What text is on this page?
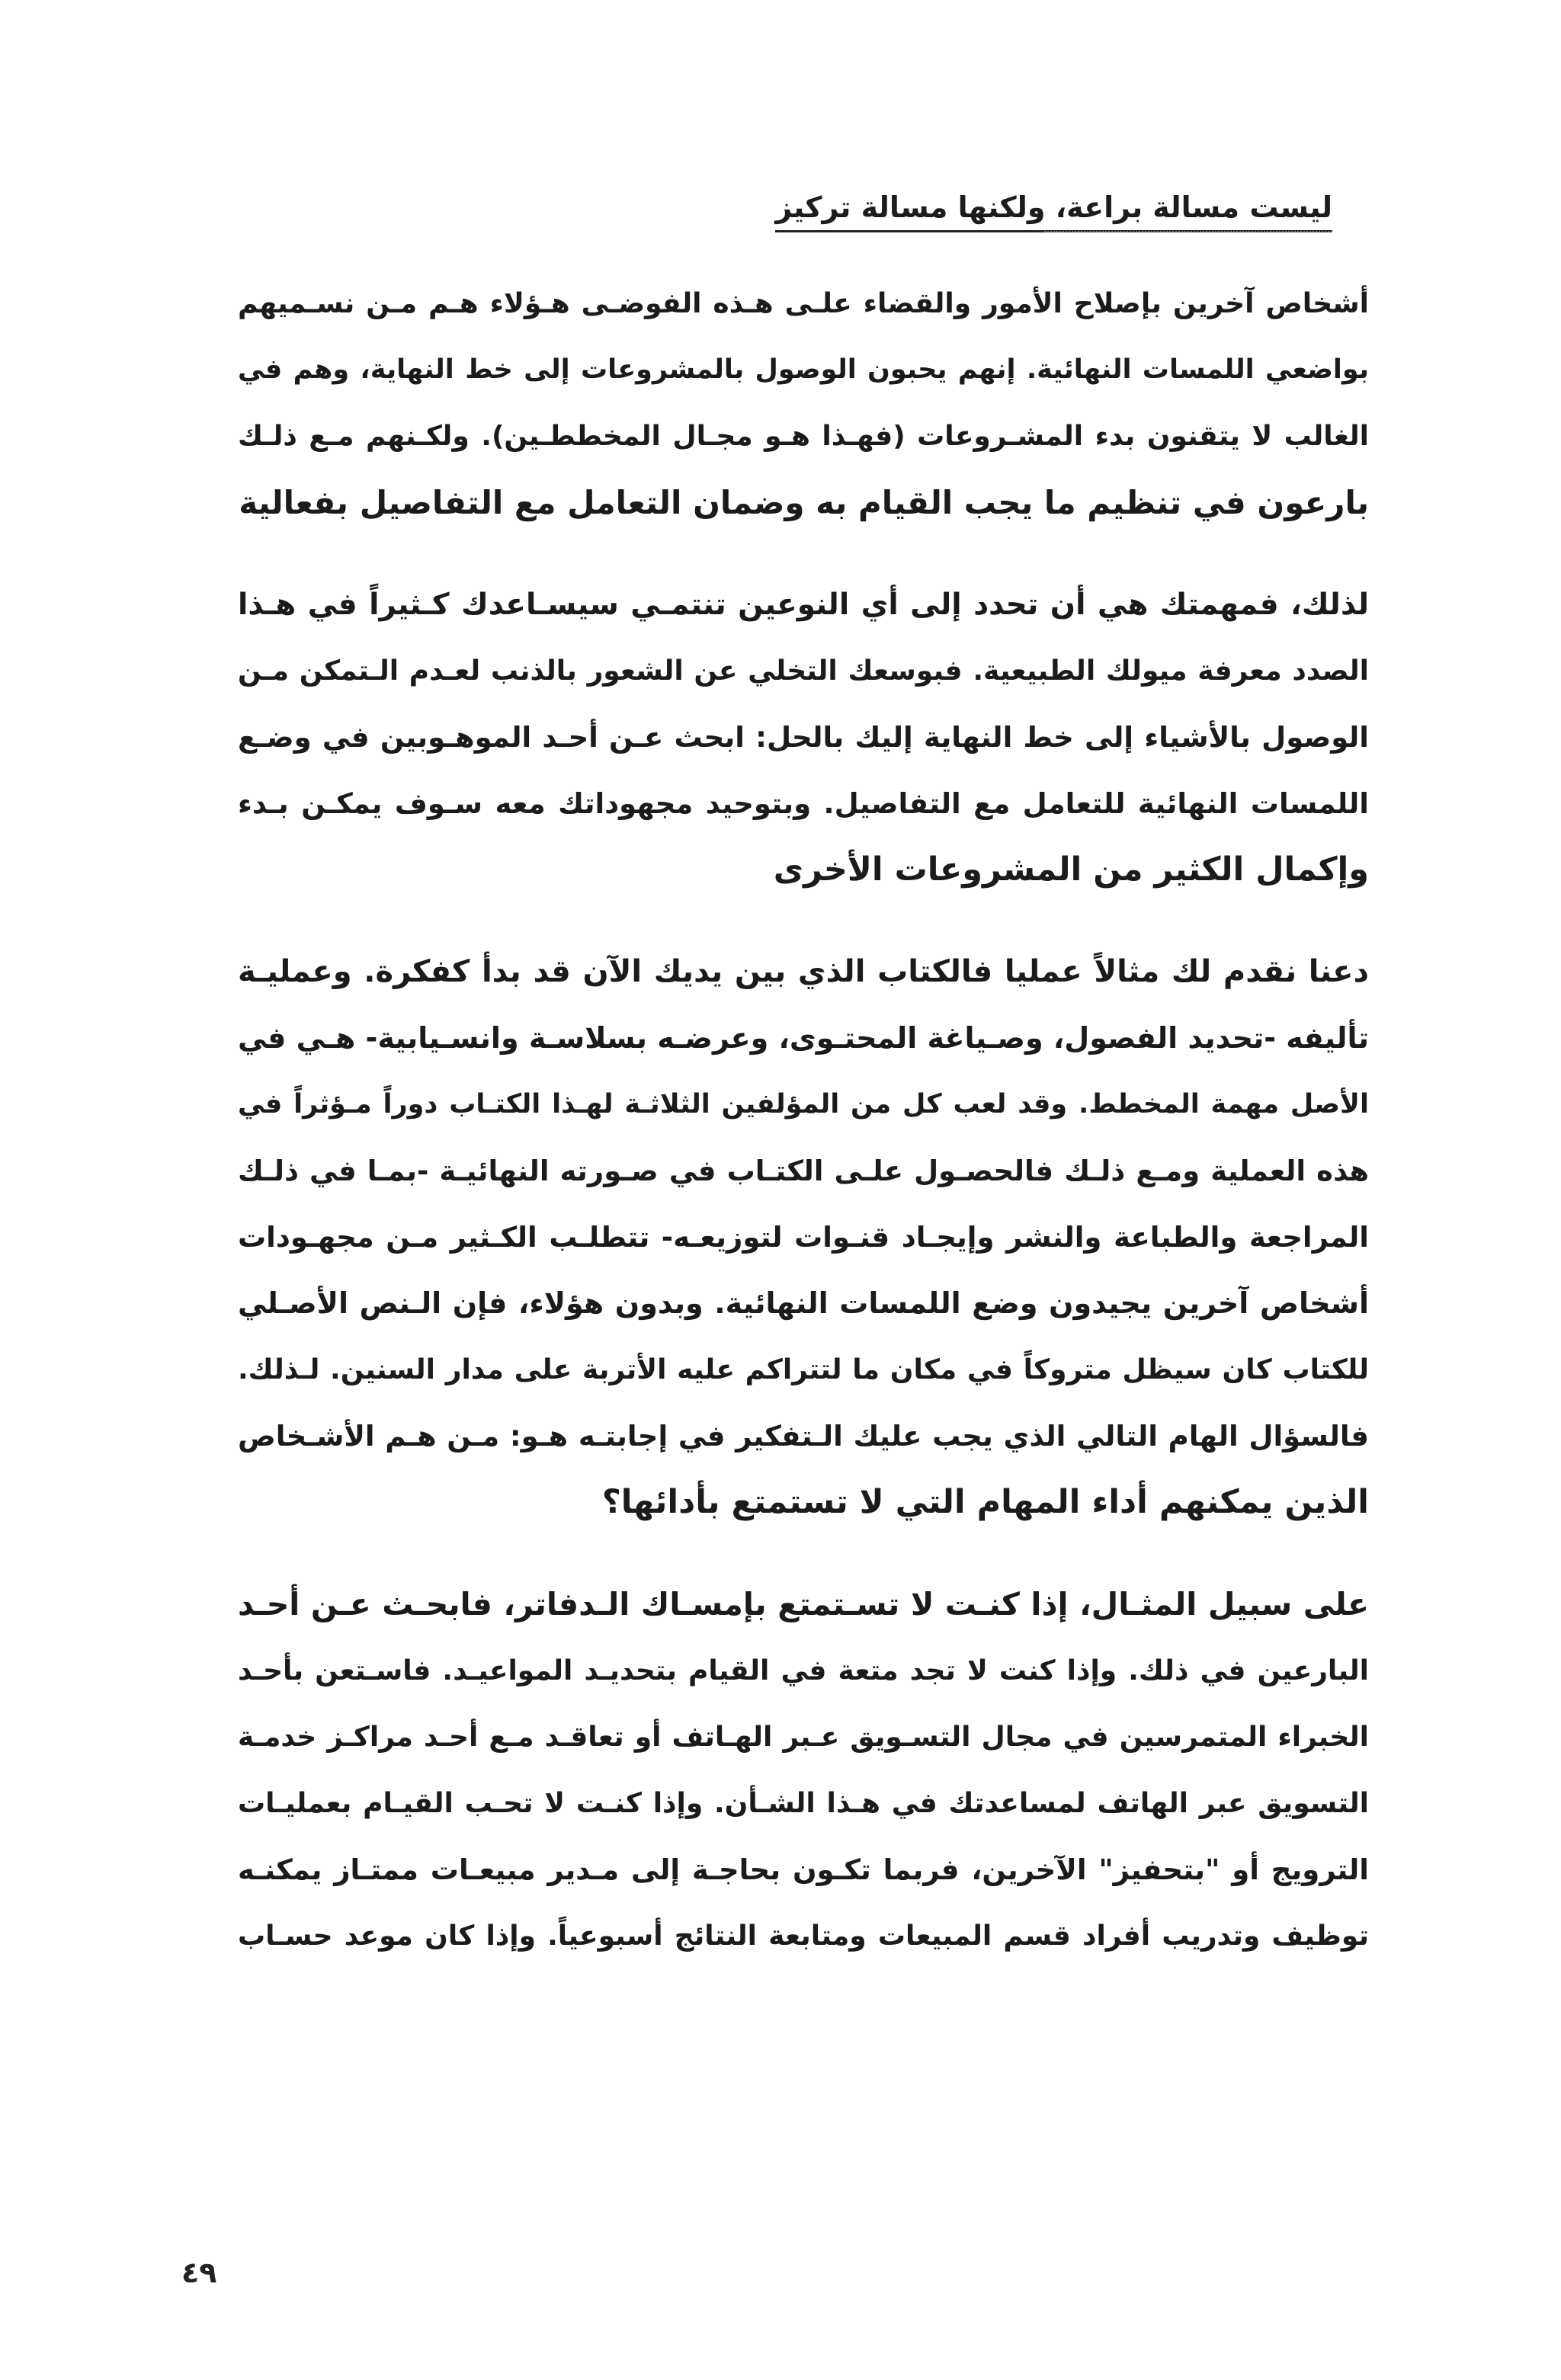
ليست مسالة براعة، ولكنها مسالة تركيز

أشخاص آخرين بإصلاح الأمور والقضاء علـى هـذه الفوضـى هـؤلاء هـم مـن نسـميهم
بواضعي اللمسات النهائية. إنهم يحبون الوصول بالمشروعات إلى خط النهاية، وهم في
الغالب لا يتقنون بدء المشـروعات (فهـذا هـو مجـال المخططـين). ولكـنهم مـع ذلـك
بارعون في تنظيم ما يجب القيام به وضمان التعامل مع التفاصيل بفعالية

لذلك، فمهمتك هي أن تحدد إلى أي النوعين تنتمـي سيسـاعدك كـثيراً في هـذا
الصدد معرفة ميولك الطبيعية. فبوسعك التخلي عن الشعور بالذنب لعـدم الـتمكن مـن
الوصول بالأشياء إلى خط النهاية إليك بالحل: ابحث عـن أحـد الموهـوبين في وضـع
اللمسات النهائية للتعامل مع التفاصيل. وبتوحيد مجهوداتك معه سـوف يمكـن بـدء
وإكمال الكثير من المشروعات الأخرى

دعنا نقدم لك مثالاً عمليا فالكتاب الذي بين يديك الآن قد بدأ كفكرة. وعمليـة
تأليفه -تحديد الفصول، وصـياغة المحتـوى، وعرضـه بسلاسـة وانسـيابية- هـي في
الأصل مهمة المخطط. وقد لعب كل من المؤلفين الثلاثـة لهـذا الكتـاب دوراً مـؤثراً في
هذه العملية ومـع ذلـك فالحصـول علـى الكتـاب في صـورته النهائيـة -بمـا في ذلـك
المراجعة والطباعة والنشر وإيجـاد قنـوات لتوزيعـه- تتطلـب الكـثير مـن مجهـودات
أشخاص آخرين يجيدون وضع اللمسات النهائية. وبدون هؤلاء، فإن الـنص الأصـلي
للكتاب كان سيظل متروكاً في مكان ما لتتراكم عليه الأتربة على مدار السنين. لـذلك.
فالسؤال الهام التالي الذي يجب عليك الـتفكير في إجابتـه هـو: مـن هـم الأشـخاص
الذين يمكنهم أداء المهام التي لا تستمتع بأدائها؟

على سبيل المثـال، إذا كنـت لا تسـتمتع بإمسـاك الـدفاتر، فابحـث عـن أحـد
البارعين في ذلك. وإذا كنت لا تجد متعة في القيام بتحديـد المواعيـد. فاسـتعن بأحـد
الخبراء المتمرسين في مجال التسـويق عـبر الهـاتف أو تعاقـد مـع أحـد مراكـز خدمـة
التسويق عبر الهاتف لمساعدتك في هـذا الشـأن. وإذا كنـت لا تحـب القيـام بعمليـات
الترويج أو "بتحفيز" الآخرين، فربما تكـون بحاجـة إلى مـدير مبيعـات ممتـاز يمكنـه
توظيف وتدريب أفراد قسم المبيعات ومتابعة النتائج أسبوعياً. وإذا كان موعد حسـاب

٤٩
